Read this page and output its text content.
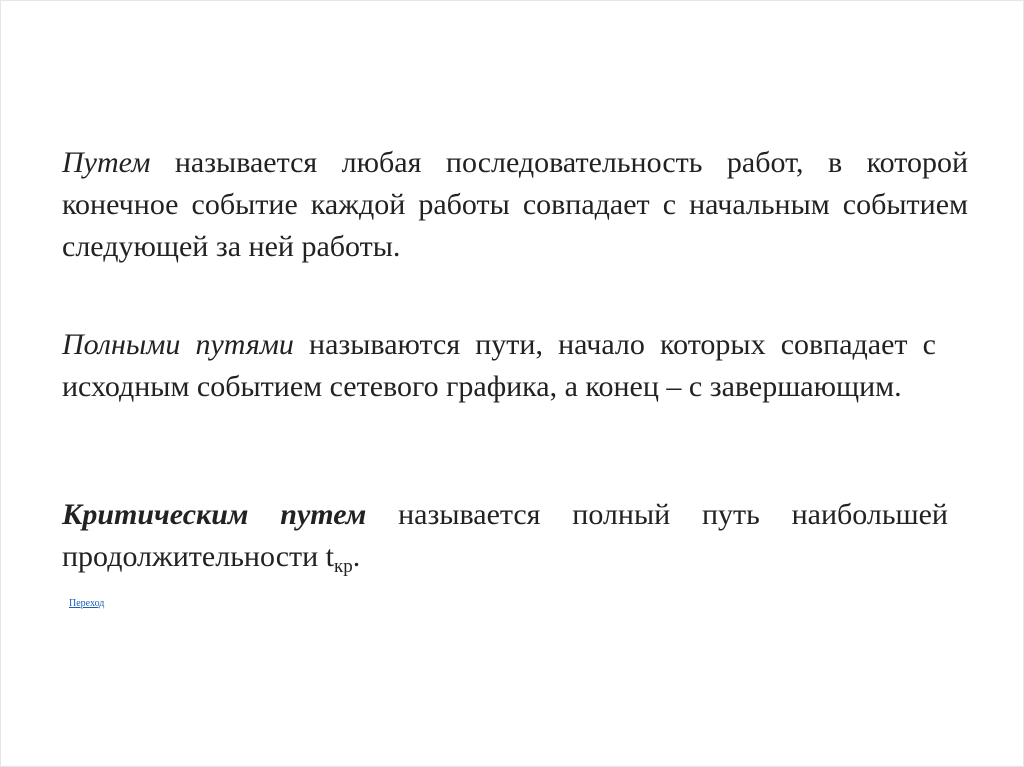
Путем называется любая последовательность работ, в которой конечное событие каждой работы совпадает с начальным событием следующей за ней работы.

Полными путями называются пути, начало которых совпадает с исходным событием сетевого графика, а конец – с завершающим.

Критическим путем называется полный путь наибольшей продолжительности $t_{кр}$.

Переход
